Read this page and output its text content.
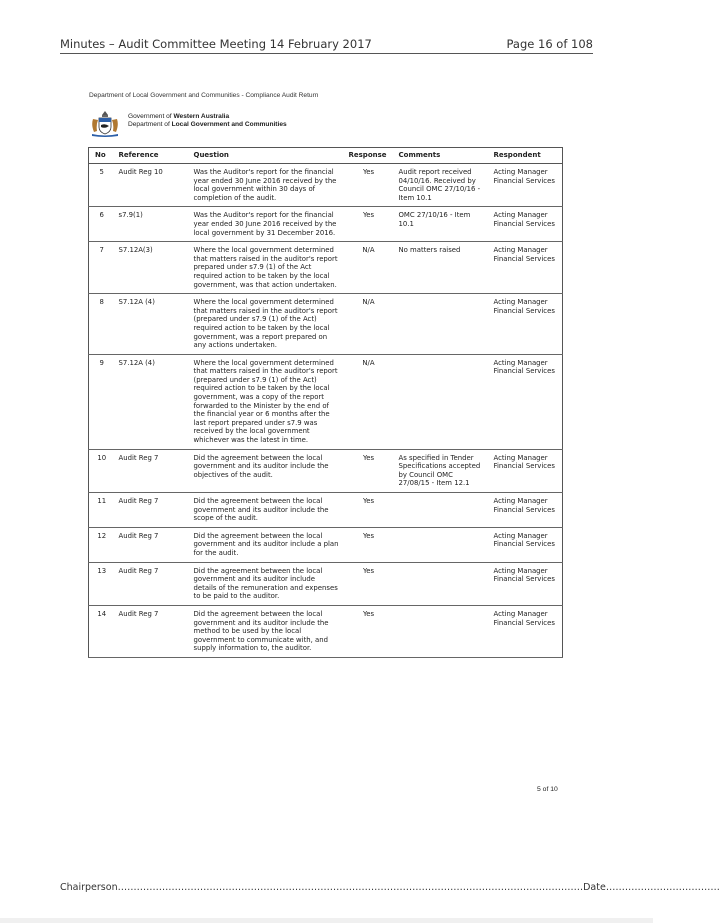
Minutes – Audit Committee Meeting 14 February 2017	Page 16 of 108
Department of Local Government and Communities - Compliance Audit Return
Government of Western Australia
Department of Local Government and Communities
No	Reference	Question	Response	Comments	Respondent
5	Audit Reg 10	Was the Auditor's report for the financial year ended 30 June 2016 received by the local government within 30 days of completion of the audit.	Yes	Audit report received 04/10/16. Received by Council OMC 27/10/16 - Item 10.1	Acting Manager Financial Services
6	s7.9(1)	Was the Auditor's report for the financial year ended 30 June 2016 received by the local government by 31 December 2016.	Yes	OMC 27/10/16 - Item 10.1	Acting Manager Financial Services
7	S7.12A(3)	Where the local government determined that matters raised in the auditor's report prepared under s7.9 (1) of the Act required action to be taken by the local government, was that action undertaken.	N/A	No matters raised	Acting Manager Financial Services
8	S7.12A (4)	Where the local government determined that matters raised in the auditor's report (prepared under s7.9 (1) of the Act) required action to be taken by the local government, was a report prepared on any actions undertaken.	N/A		Acting Manager Financial Services
9	S7.12A (4)	Where the local government determined that matters raised in the auditor's report (prepared under s7.9 (1) of the Act) required action to be taken by the local government, was a copy of the report forwarded to the Minister by the end of the financial year or 6 months after the last report prepared under s7.9 was received by the local government whichever was the latest in time.	N/A		Acting Manager Financial Services
10	Audit Reg 7	Did the agreement between the local government and its auditor include the objectives of the audit.	Yes	As specified in Tender Specifications accepted by Council OMC 27/08/15 - Item 12.1	Acting Manager Financial Services
11	Audit Reg 7	Did the agreement between the local government and its auditor include the scope of the audit.	Yes		Acting Manager Financial Services
12	Audit Reg 7	Did the agreement between the local government and its auditor include a plan for the audit.	Yes		Acting Manager Financial Services
13	Audit Reg 7	Did the agreement between the local government and its auditor include details of the remuneration and expenses to be paid to the auditor.	Yes		Acting Manager Financial Services
14	Audit Reg 7	Did the agreement between the local government and its auditor include the method to be used by the local government to communicate with, and supply information to, the auditor.	Yes		Acting Manager Financial Services
5 of 10
Chairperson…………………………………………………………………………………………………………………………………Date………………………………
